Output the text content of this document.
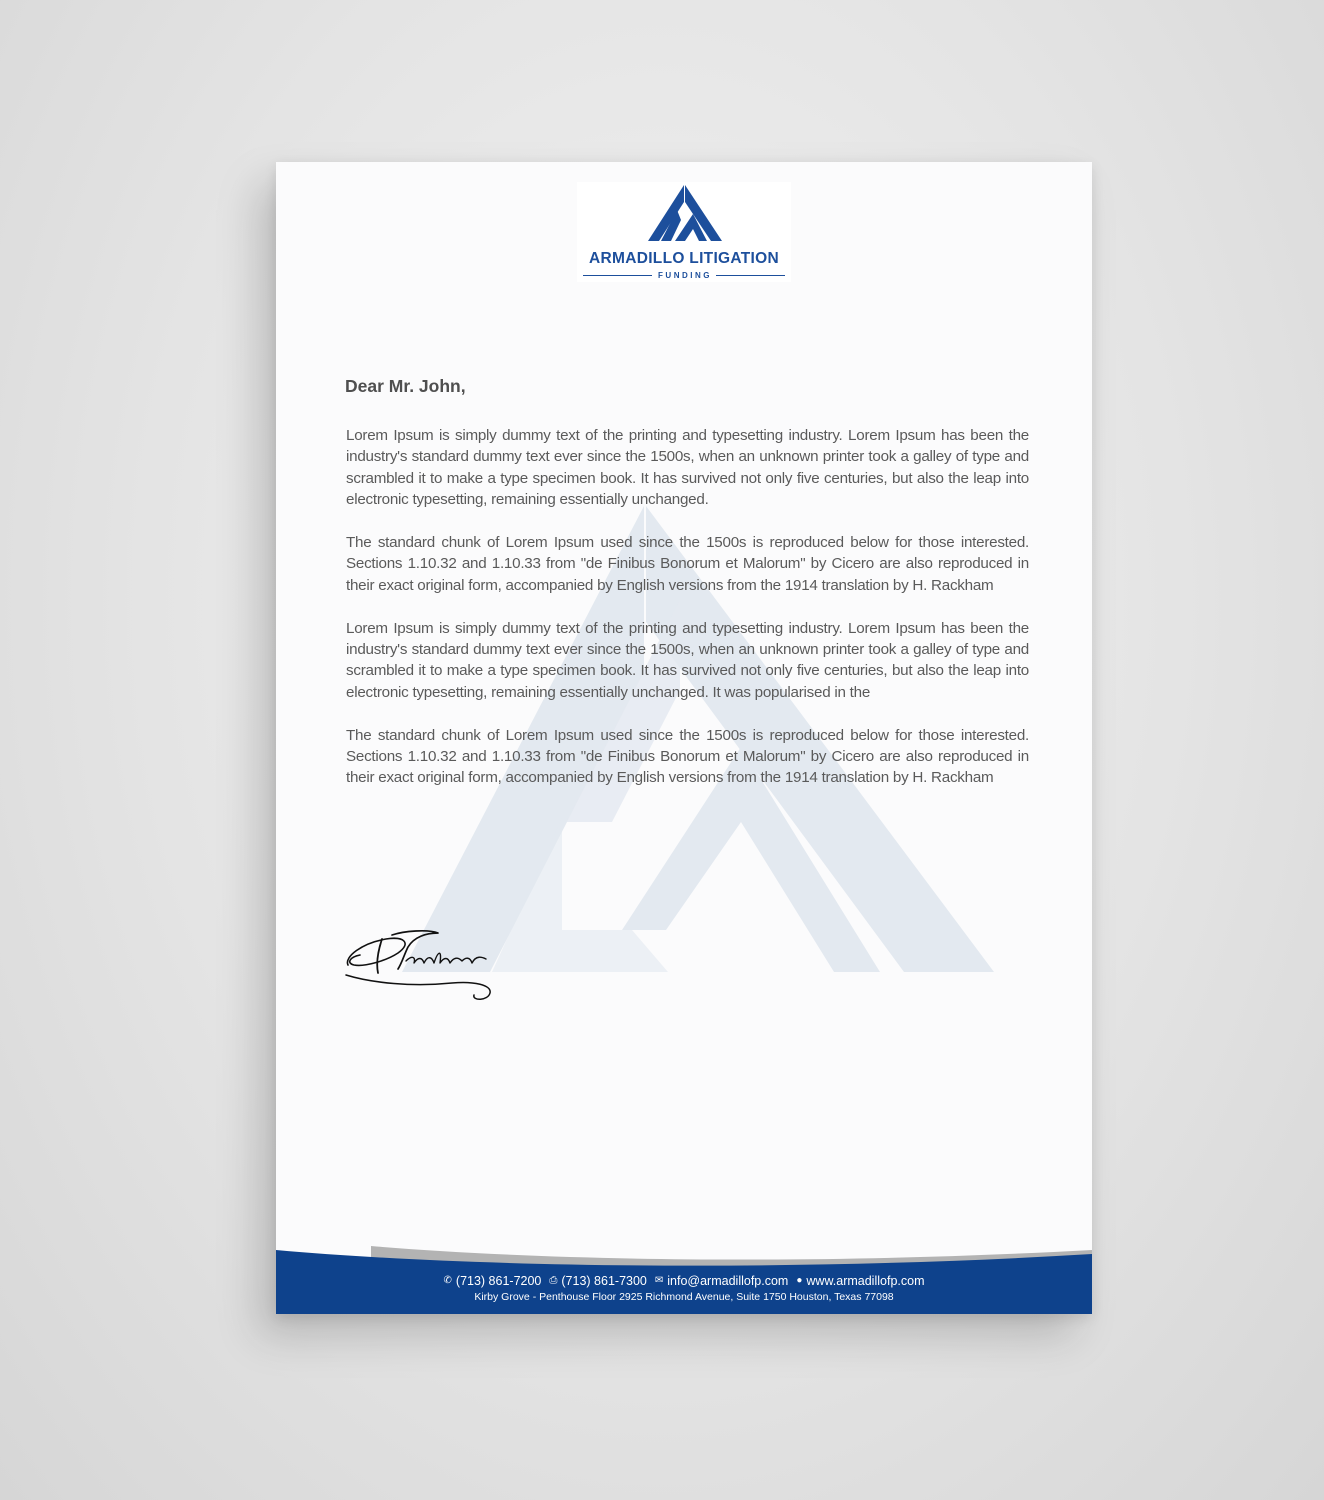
ARMADILLO LITIGATION
FUNDING
Dear Mr. John,

Lorem Ipsum is simply dummy text of the printing and typesetting industry. Lorem Ipsum has been the industry's standard dummy text ever since the 1500s, when an unknown printer took a galley of type and scrambled it to make a type specimen book. It has survived not only five centuries, but also the leap into electronic typesetting, remaining essentially unchanged.

The standard chunk of Lorem Ipsum used since the 1500s is reproduced below for those interested. Sections 1.10.32 and 1.10.33 from "de Finibus Bonorum et Malorum" by Cicero are also reproduced in their exact original form, accompanied by English versions from the 1914 translation by H. Rackham

Lorem Ipsum is simply dummy text of the printing and typesetting industry. Lorem Ipsum has been the industry's standard dummy text ever since the 1500s, when an unknown printer took a galley of type and scrambled it to make a type specimen book. It has survived not only five centuries, but also the leap into electronic typesetting, remaining essentially unchanged. It was popularised in the

The standard chunk of Lorem Ipsum used since the 1500s is reproduced below for those interested. Sections 1.10.32 and 1.10.33 from "de Finibus Bonorum et Malorum" by Cicero are also reproduced in their exact original form, accompanied by English versions from the 1914 translation by H. Rackham

✆ (713) 861-7200 ⎙ (713) 861-7300 ✉ info@armadillofp.com ● www.armadillofp.com
Kirby Grove - Penthouse Floor 2925 Richmond Avenue, Suite 1750 Houston, Texas 77098
